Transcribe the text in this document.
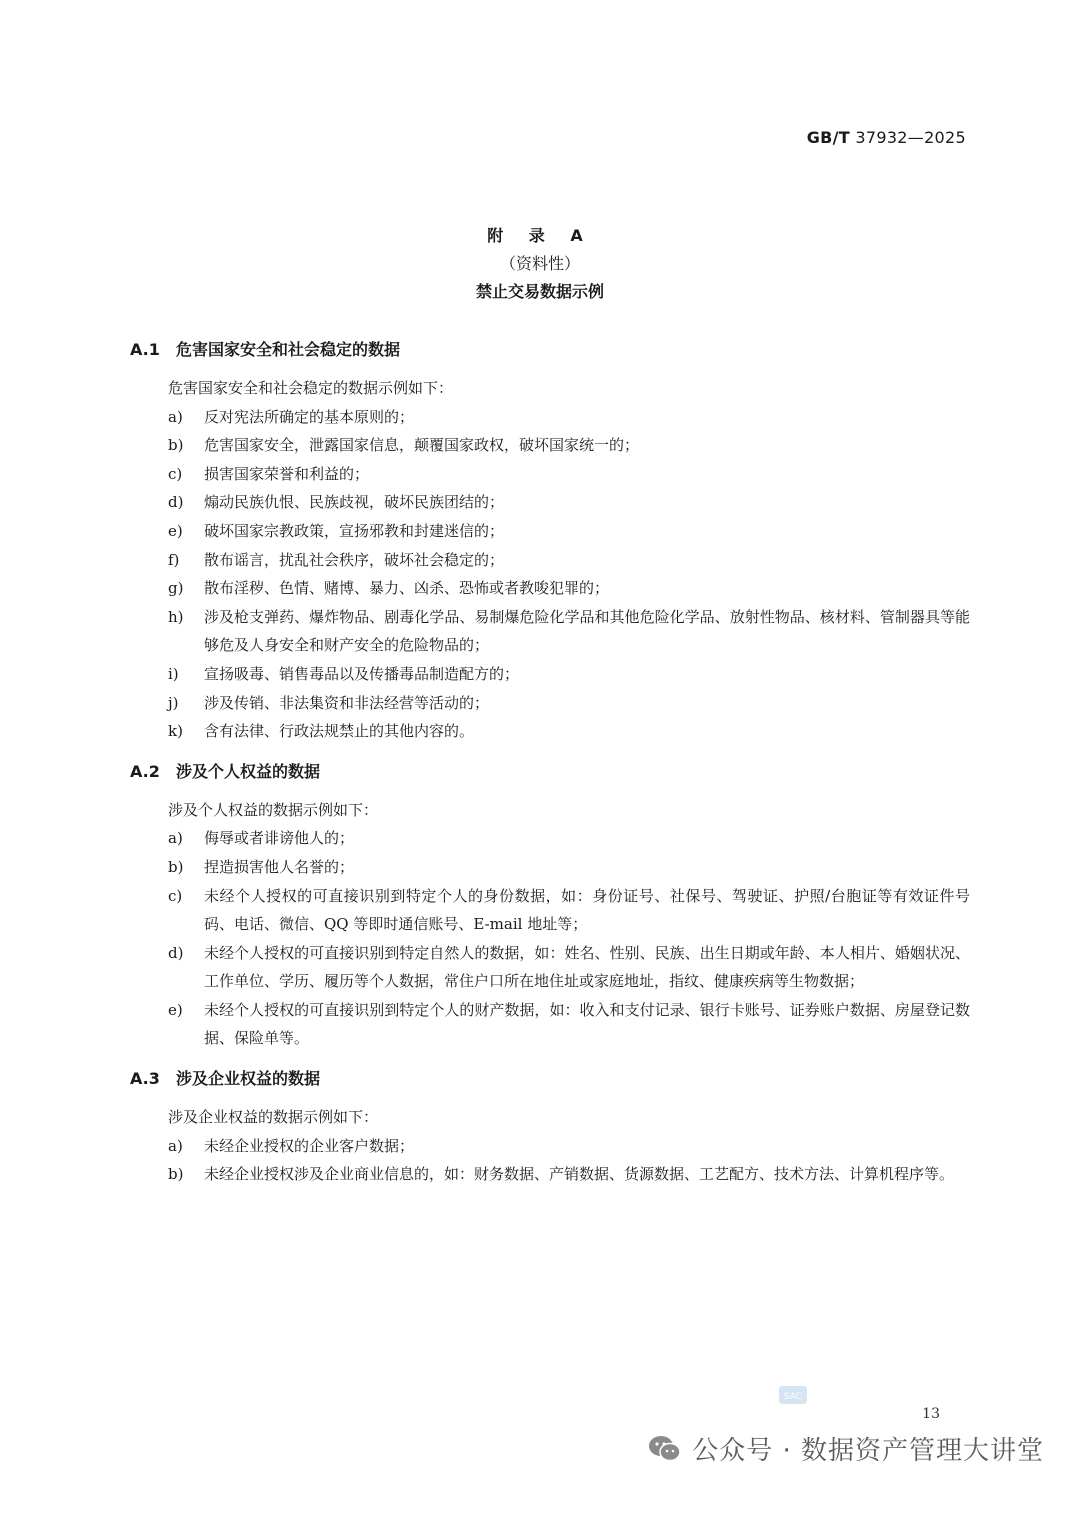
GB/T 37932—2025
附 录 A
（资料性）
禁止交易数据示例
A.1	危害国家安全和社会稳定的数据

危害国家安全和社会稳定的数据示例如下：

a)	反对宪法所确定的基本原则的；
b)	危害国家安全，泄露国家信息，颠覆国家政权，破坏国家统一的；
c)	损害国家荣誉和利益的；
d)	煽动民族仇恨、民族歧视，破坏民族团结的；
e)	破坏国家宗教政策，宣扬邪教和封建迷信的；
f)	散布谣言，扰乱社会秩序，破坏社会稳定的；
g)	散布淫秽、色情、赌博、暴力、凶杀、恐怖或者教唆犯罪的；
h)	涉及枪支弹药、爆炸物品、剧毒化学品、易制爆危险化学品和其他危险化学品、放射性物品、核材料、管制器具等能够危及人身安全和财产安全的危险物品的；
i)	宣扬吸毒、销售毒品以及传播毒品制造配方的；
j)	涉及传销、非法集资和非法经营等活动的；
k)	含有法律、行政法规禁止的其他内容的。
A.2	涉及个人权益的数据

涉及个人权益的数据示例如下：

a)	侮辱或者诽谤他人的；
b)	捏造损害他人名誉的；
c)	未经个人授权的可直接识别到特定个人的身份数据，如：身份证号、社保号、驾驶证、护照/台胞证等有效证件号码、电话、微信、QQ 等即时通信账号、E-mail 地址等；
d)	未经个人授权的可直接识别到特定自然人的数据，如：姓名、性别、民族、出生日期或年龄、本人相片、婚姻状况、工作单位、学历、履历等个人数据，常住户口所在地住址或家庭地址，指纹、健康疾病等生物数据；
e)	未经个人授权的可直接识别到特定个人的财产数据，如：收入和支付记录、银行卡账号、证券账户数据、房屋登记数据、保险单等。
A.3	涉及企业权益的数据

涉及企业权益的数据示例如下：

a)	未经企业授权的企业客户数据；
b)	未经企业授权涉及企业商业信息的，如：财务数据、产销数据、货源数据、工艺配方、技术方法、计算机程序等。
SAC
13
公众号 · 数据资产管理大讲堂
